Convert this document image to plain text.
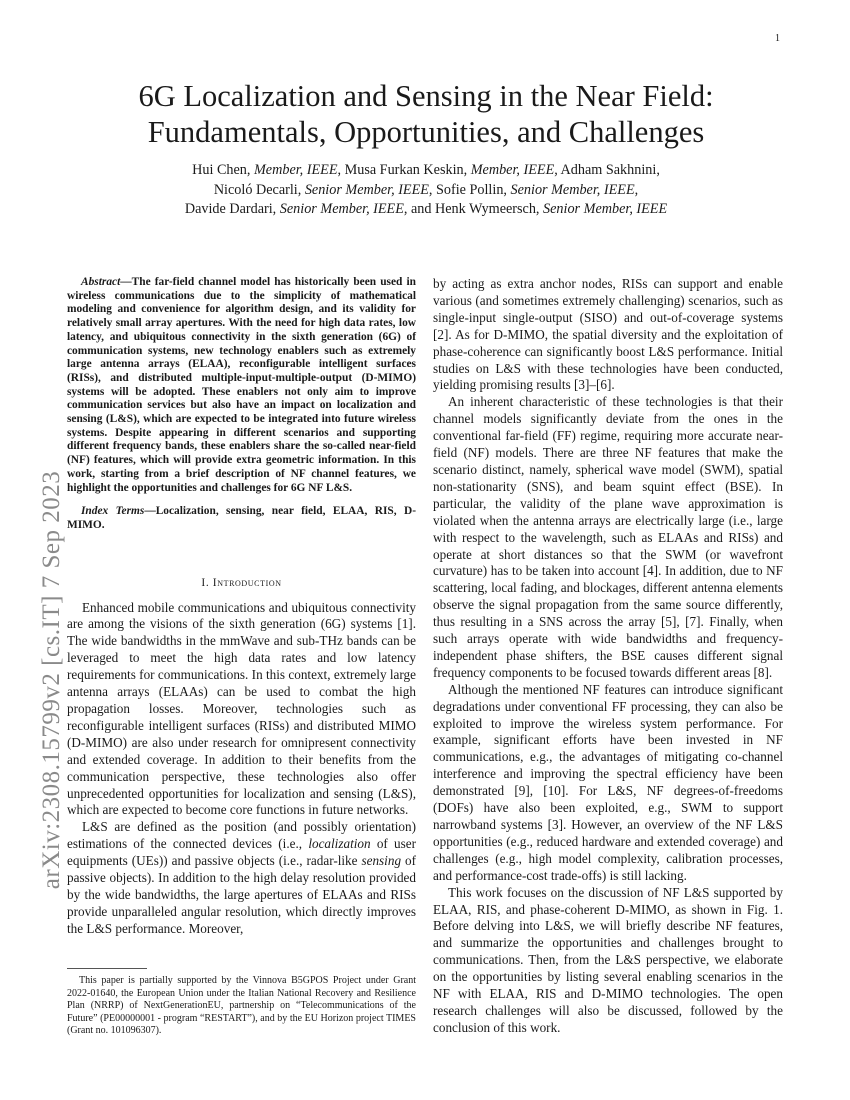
1
arXiv:2308.15799v2 [cs.IT] 7 Sep 2023
6G Localization and Sensing in the Near Field:
Fundamentals, Opportunities, and Challenges
Hui Chen, Member, IEEE, Musa Furkan Keskin, Member, IEEE, Adham Sakhnini,
Nicoló Decarli, Senior Member, IEEE, Sofie Pollin, Senior Member, IEEE,
Davide Dardari, Senior Member, IEEE, and Henk Wymeersch, Senior Member, IEEE

Abstract—The far-field channel model has historically been used in wireless communications due to the simplicity of mathematical modeling and convenience for algorithm design, and its validity for relatively small array apertures. With the need for high data rates, low latency, and ubiquitous connectivity in the sixth generation (6G) of communication systems, new technology enablers such as extremely large antenna arrays (ELAA), reconfigurable intelligent surfaces (RISs), and distributed multiple-input-multiple-output (D-MIMO) systems will be adopted. These enablers not only aim to improve communication services but also have an impact on localization and sensing (L&S), which are expected to be integrated into future wireless systems. Despite appearing in different scenarios and supporting different frequency bands, these enablers share the so-called near-field (NF) features, which will provide extra geometric information. In this work, starting from a brief description of NF channel features, we highlight the opportunities and challenges for 6G NF L&S.

Index Terms—Localization, sensing, near field, ELAA, RIS, D-MIMO.

I. Introduction

Enhanced mobile communications and ubiquitous connectivity are among the visions of the sixth generation (6G) systems [1]. The wide bandwidths in the mmWave and sub-THz bands can be leveraged to meet the high data rates and low latency requirements for communications. In this context, extremely large antenna arrays (ELAAs) can be used to combat the high propagation losses. Moreover, technologies such as reconfigurable intelligent surfaces (RISs) and distributed MIMO (D-MIMO) are also under research for omnipresent connectivity and extended coverage. In addition to their benefits from the communication perspective, these technologies also offer unprecedented opportunities for localization and sensing (L&S), which are expected to become core functions in future networks.

L&S are defined as the position (and possibly orientation) estimations of the connected devices (i.e., localization of user equipments (UEs)) and passive objects (i.e., radar-like sensing of passive objects). In addition to the high delay resolution provided by the wide bandwidths, the large apertures of ELAAs and RISs provide unparalleled angular resolution, which directly improves the L&S performance. Moreover,

This paper is partially supported by the Vinnova B5GPOS Project under Grant 2022-01640, the European Union under the Italian National Recovery and Resilience Plan (NRRP) of NextGenerationEU, partnership on “Telecommunications of the Future” (PE00000001 - program “RESTART”), and by the EU Horizon project TIMES (Grant no. 101096307).

by acting as extra anchor nodes, RISs can support and enable various (and sometimes extremely challenging) scenarios, such as single-input single-output (SISO) and out-of-coverage systems [2]. As for D-MIMO, the spatial diversity and the exploitation of phase-coherence can significantly boost L&S performance. Initial studies on L&S with these technologies have been conducted, yielding promising results [3]–[6].

An inherent characteristic of these technologies is that their channel models significantly deviate from the ones in the conventional far-field (FF) regime, requiring more accurate near-field (NF) models. There are three NF features that make the scenario distinct, namely, spherical wave model (SWM), spatial non-stationarity (SNS), and beam squint effect (BSE). In particular, the validity of the plane wave approximation is violated when the antenna arrays are electrically large (i.e., large with respect to the wavelength, such as ELAAs and RISs) and operate at short distances so that the SWM (or wavefront curvature) has to be taken into account [4]. In addition, due to NF scattering, local fading, and blockages, different antenna elements observe the signal propagation from the same source differently, thus resulting in a SNS across the array [5], [7]. Finally, when such arrays operate with wide bandwidths and frequency-independent phase shifters, the BSE causes different signal frequency components to be focused towards different areas [8].

Although the mentioned NF features can introduce significant degradations under conventional FF processing, they can also be exploited to improve the wireless system performance. For example, significant efforts have been invested in NF communications, e.g., the advantages of mitigating co-channel interference and improving the spectral efficiency have been demonstrated [9], [10]. For L&S, NF degrees-of-freedoms (DOFs) have also been exploited, e.g., SWM to support narrowband systems [3]. However, an overview of the NF L&S opportunities (e.g., reduced hardware and extended coverage) and challenges (e.g., high model complexity, calibration processes, and performance-cost trade-offs) is still lacking.

This work focuses on the discussion of NF L&S supported by ELAA, RIS, and phase-coherent D-MIMO, as shown in Fig. 1. Before delving into L&S, we will briefly describe NF features, and summarize the opportunities and challenges brought to communications. Then, from the L&S perspective, we elaborate on the opportunities by listing several enabling scenarios in the NF with ELAA, RIS and D-MIMO technologies. The open research challenges will also be discussed, followed by the conclusion of this work.
